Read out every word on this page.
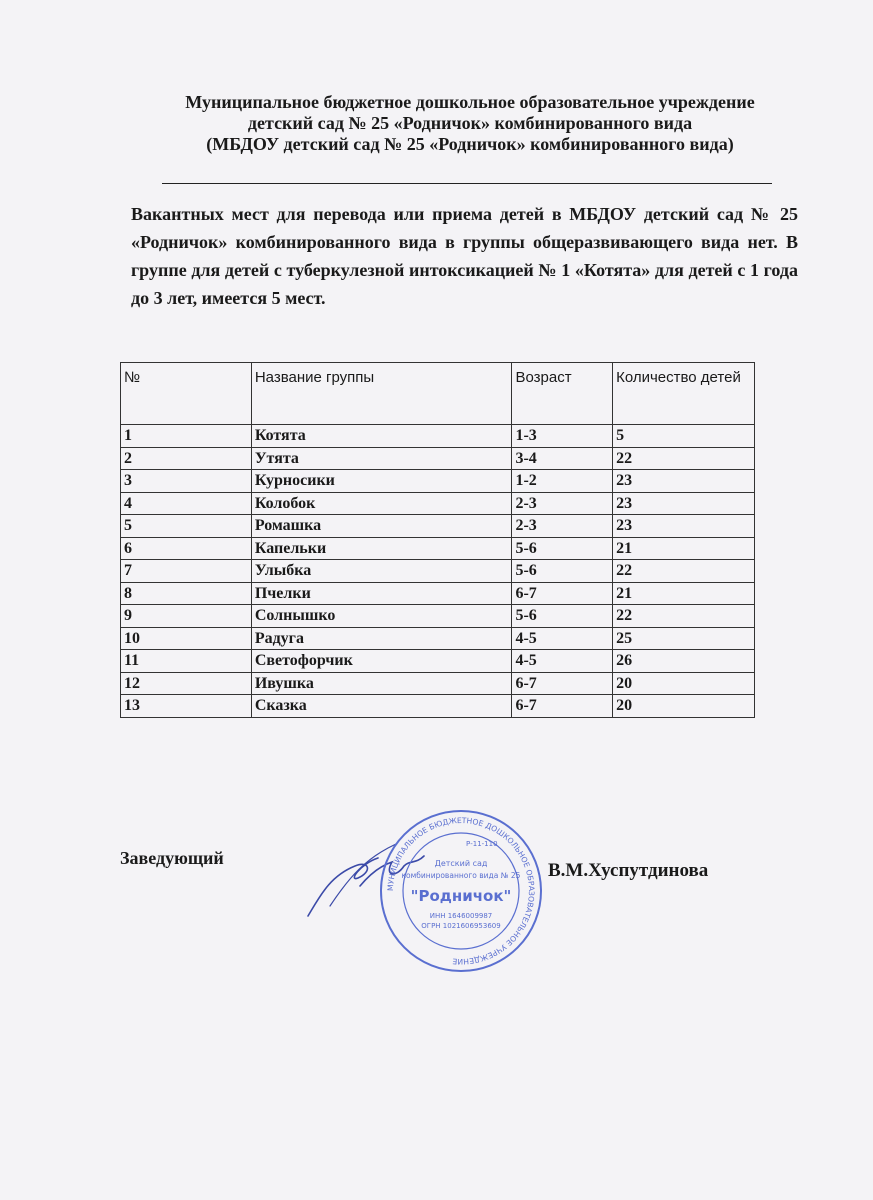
Муниципальное бюджетное дошкольное образовательное учреждение
детский сад № 25 «Родничок» комбинированного вида
(МБДОУ детский сад № 25 «Родничок» комбинированного вида)
Вакантных мест для перевода или приема детей в МБДОУ детский сад № 25 «Родничок» комбинированного вида в группы общеразвивающего вида нет. В группе для детей с туберкулезной интоксикацией № 1 «Котята» для детей с 1 года до 3 лет, имеется 5 мест.
№	Название группы	Возраст	Количество детей
1	Котята	1-3	5
2	Утята	3-4	22
3	Курносики	1-2	23
4	Колобок	2-3	23
5	Ромашка	2-3	23
6	Капельки	5-6	21
7	Улыбка	5-6	22
8	Пчелки	6-7	21
9	Солнышко	5-6	22
10	Радуга	4-5	25
11	Светофорчик	4-5	26
12	Ивушка	6-7	20
13	Сказка	6-7	20
Заведующий
МУНИЦИПАЛЬНОЕ БЮДЖЕТНОЕ ДОШКОЛЬНОЕ ОБРАЗОВАТЕЛЬНОЕ УЧРЕЖДЕНИЕ
Р-11-110
Детский сад
комбинированного вида № 25
"Родничок"
ИНН 1646009987
ОГРН 1021606953609
В.М.Хуспутдинова
